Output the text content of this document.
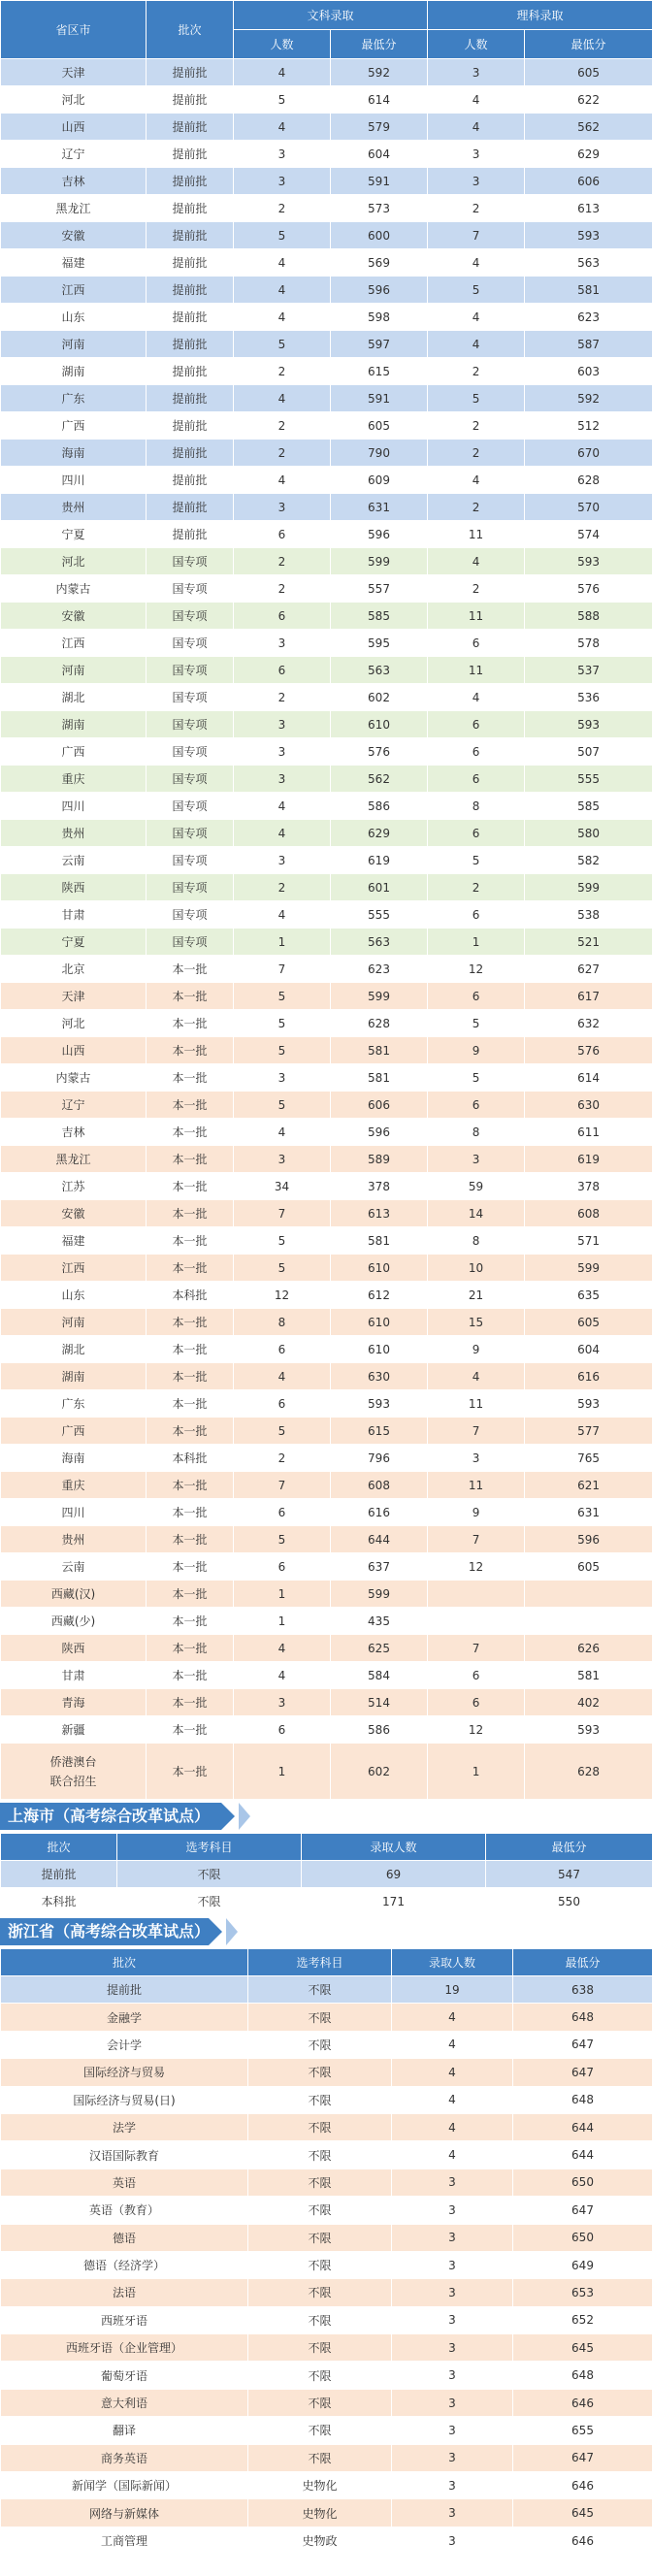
省区市	批次	文科录取		理科录取	
		人数	最低分	人数	最低分
天津	提前批	4	592	3	605
河北	提前批	5	614	4	622
山西	提前批	4	579	4	562
辽宁	提前批	3	604	3	629
吉林	提前批	3	591	3	606
黑龙江	提前批	2	573	2	613
安徽	提前批	5	600	7	593
福建	提前批	4	569	4	563
江西	提前批	4	596	5	581
山东	提前批	4	598	4	623
河南	提前批	5	597	4	587
湖南	提前批	2	615	2	603
广东	提前批	4	591	5	592
广西	提前批	2	605	2	512
海南	提前批	2	790	2	670
四川	提前批	4	609	4	628
贵州	提前批	3	631	2	570
宁夏	提前批	6	596	11	574
河北	国专项	2	599	4	593
内蒙古	国专项	2	557	2	576
安徽	国专项	6	585	11	588
江西	国专项	3	595	6	578
河南	国专项	6	563	11	537
湖北	国专项	2	602	4	536
湖南	国专项	3	610	6	593
广西	国专项	3	576	6	507
重庆	国专项	3	562	6	555
四川	国专项	4	586	8	585
贵州	国专项	4	629	6	580
云南	国专项	3	619	5	582
陕西	国专项	2	601	2	599
甘肃	国专项	4	555	6	538
宁夏	国专项	1	563	1	521
北京	本一批	7	623	12	627
天津	本一批	5	599	6	617
河北	本一批	5	628	5	632
山西	本一批	5	581	9	576
内蒙古	本一批	3	581	5	614
辽宁	本一批	5	606	6	630
吉林	本一批	4	596	8	611
黑龙江	本一批	3	589	3	619
江苏	本一批	34	378	59	378
安徽	本一批	7	613	14	608
福建	本一批	5	581	8	571
江西	本一批	5	610	10	599
山东	本科批	12	612	21	635
河南	本一批	8	610	15	605
湖北	本一批	6	610	9	604
湖南	本一批	4	630	4	616
广东	本一批	6	593	11	593
广西	本一批	5	615	7	577
海南	本科批	2	796	3	765
重庆	本一批	7	608	11	621
四川	本一批	6	616	9	631
贵州	本一批	5	644	7	596
云南	本一批	6	637	12	605
西藏(汉)	本一批	1	599		
西藏(少)	本一批	1	435		
陕西	本一批	4	625	7	626
甘肃	本一批	4	584	6	581
青海	本一批	3	514	6	402
新疆	本一批	6	586	12	593

侨港澳台
联合招生	本一批	1	602	1	628
上海市（高考综合改革试点）
批次	选考科目	录取人数	最低分
提前批	不限	69	547
本科批	不限	171	550
浙江省（高考综合改革试点）
批次	选考科目	录取人数	最低分
提前批	不限	19	638
金融学	不限	4	648
会计学	不限	4	647
国际经济与贸易	不限	4	647
国际经济与贸易(日)	不限	4	648
法学	不限	4	644
汉语国际教育	不限	4	644
英语	不限	3	650
英语（教育）	不限	3	647
德语	不限	3	650
德语（经济学）	不限	3	649
法语	不限	3	653
西班牙语	不限	3	652
西班牙语（企业管理）	不限	3	645
葡萄牙语	不限	3	648
意大利语	不限	3	646
翻译	不限	3	655
商务英语	不限	3	647
新闻学（国际新闻）	史物化	3	646
网络与新媒体	史物化	3	645
工商管理	史物政	3	646
